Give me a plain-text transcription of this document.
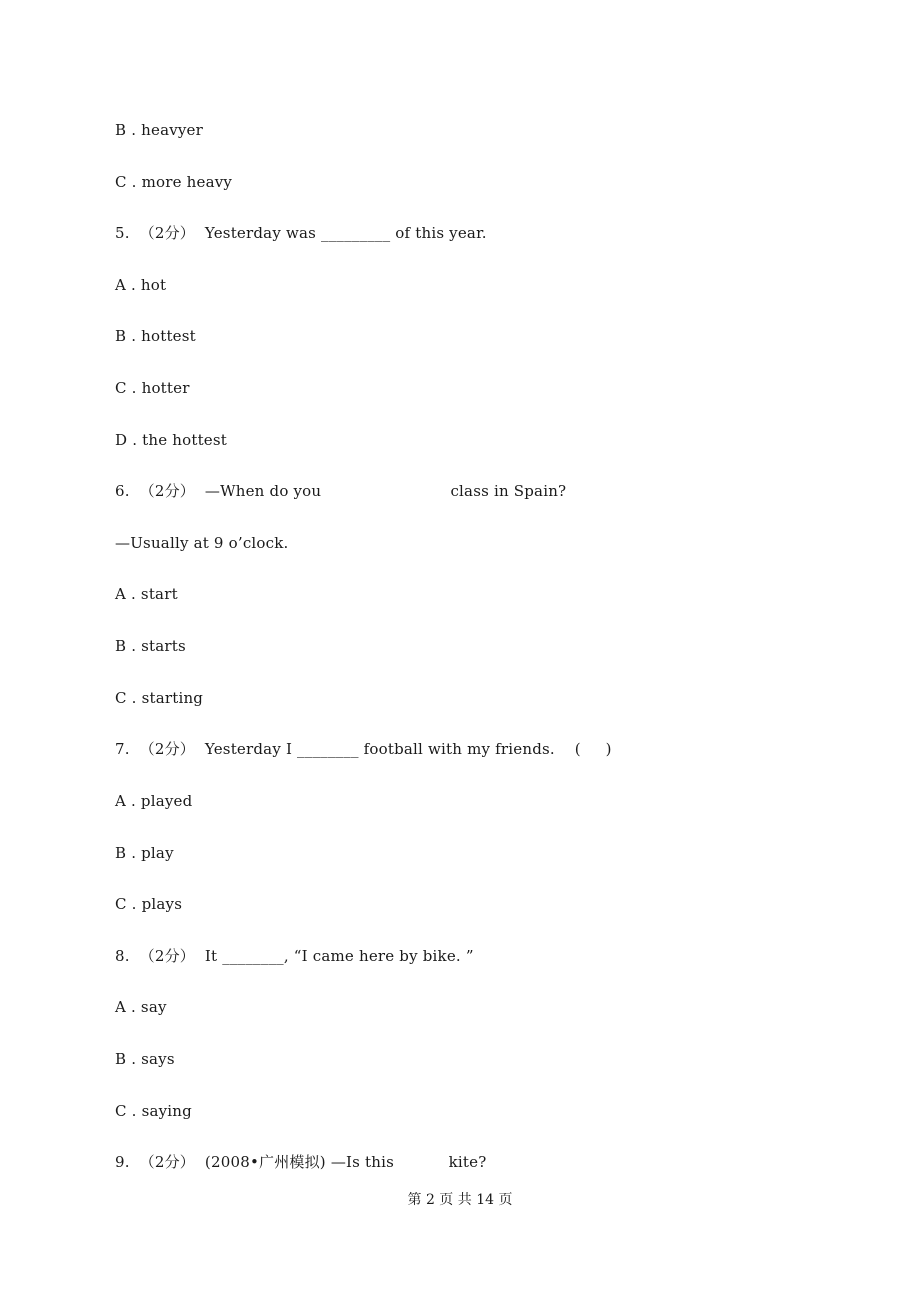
B . heavyer
C . more heavy
5.  （2分）  Yesterday was _________ of this year.
A . hot
B . hottest
C . hotter
D . the hottest
6.  （2分）  —When do you                          class in Spain?
—Usually at 9 o’clock.
A . start
B . starts
C . starting
7.  （2分）  Yesterday I ________ football with my friends.    (     )
A . played
B . play
C . plays
8.  （2分）  It ________, “I came here by bike. ”
A . say
B . says
C . saying
9.  （2分）  (2008•广州模拟) —Is this           kite?
第 2 页 共 14 页
